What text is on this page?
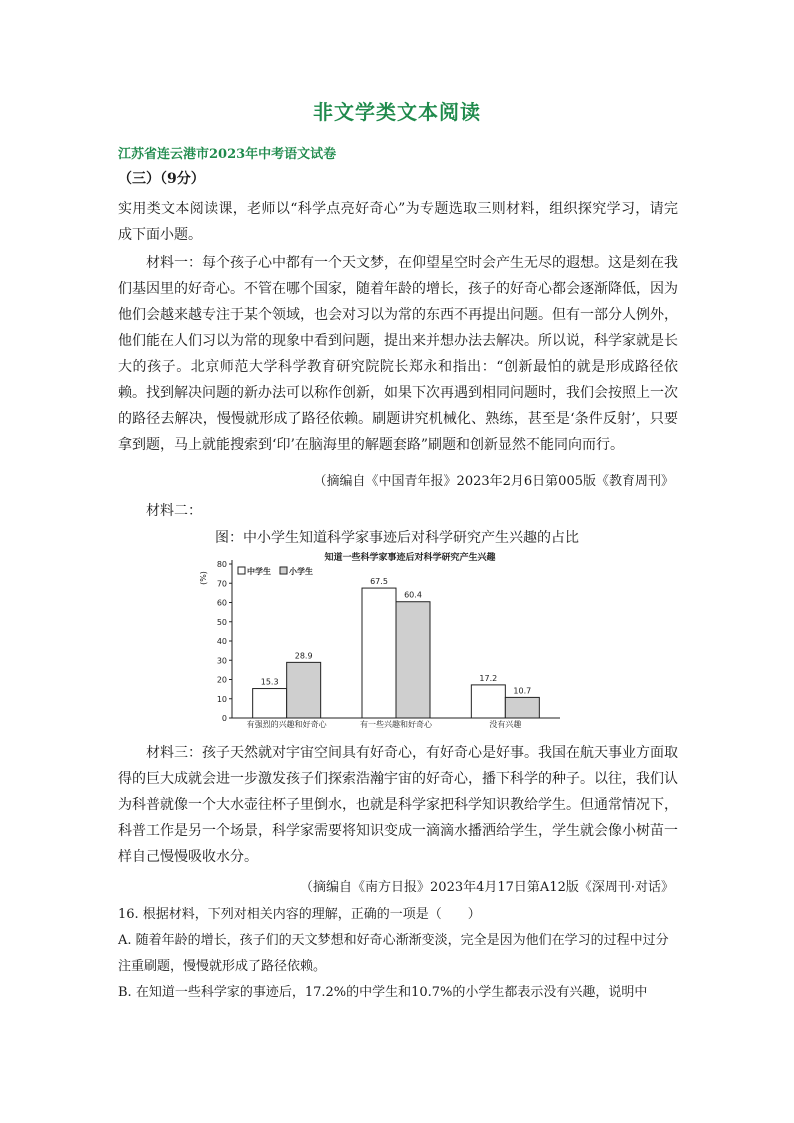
非文学类文本阅读
江苏省连云港市2023年中考语文试卷
（三）（9分）
实用类文本阅读课，老师以“科学点亮好奇心”为专题选取三则材料，组织探究学习，请完成下面小题。
材料一：每个孩子心中都有一个天文梦，在仰望星空时会产生无尽的遐想。这是刻在我们基因里的好奇心。不管在哪个国家，随着年龄的增长，孩子的好奇心都会逐渐降低，因为他们会越来越专注于某个领域，也会对习以为常的东西不再提出问题。但有一部分人例外，他们能在人们习以为常的现象中看到问题，提出来并想办法去解决。所以说，科学家就是长大的孩子。北京师范大学科学教育研究院院长郑永和指出：“创新最怕的就是形成路径依赖。找到解决问题的新办法可以称作创新，如果下次再遇到相同问题时，我们会按照上一次的路径去解决，慢慢就形成了路径依赖。刷题讲究机械化、熟练，甚至是‘条件反射’，只要拿到题，马上就能搜索到‘印’在脑海里的解题套路”刷题和创新显然不能同向而行。
（摘编自《中国青年报》2023年2月6日第005版《教育周刊》
材料二：
图：中小学生知道科学家事迹后对科学研究产生兴趣的占比
知道一些科学家事迹后对科学研究产生兴趣
(%)
0
10
20
30
40
50
60
70
80
15.3
28.9
有强烈的兴趣和好奇心
67.5
60.4
有一些兴趣和好奇心
17.2
10.7
没有兴趣
中学生 小学生
材料三：孩子天然就对宇宙空间具有好奇心，有好奇心是好事。我国在航天事业方面取得的巨大成就会进一步激发孩子们探索浩瀚宇宙的好奇心，播下科学的种子。以往，我们认为科普就像一个大水壶往杯子里倒水，也就是科学家把科学知识教给学生。但通常情况下，科普工作是另一个场景，科学家需要将知识变成一滴滴水播洒给学生，学生就会像小树苗一样自己慢慢吸收水分。
（摘编自《南方日报》2023年4月17日第A12版《深周刊·对话》
16. 根据材料，下列对相关内容的理解，正确的一项是（　　）
A. 随着年龄的增长，孩子们的天文梦想和好奇心渐渐变淡，完全是因为他们在学习的过程中过分注重刷题，慢慢就形成了路径依赖。
B. 在知道一些科学家的事迹后，17.2%的中学生和10.7%的小学生都表示没有兴趣，说明中
